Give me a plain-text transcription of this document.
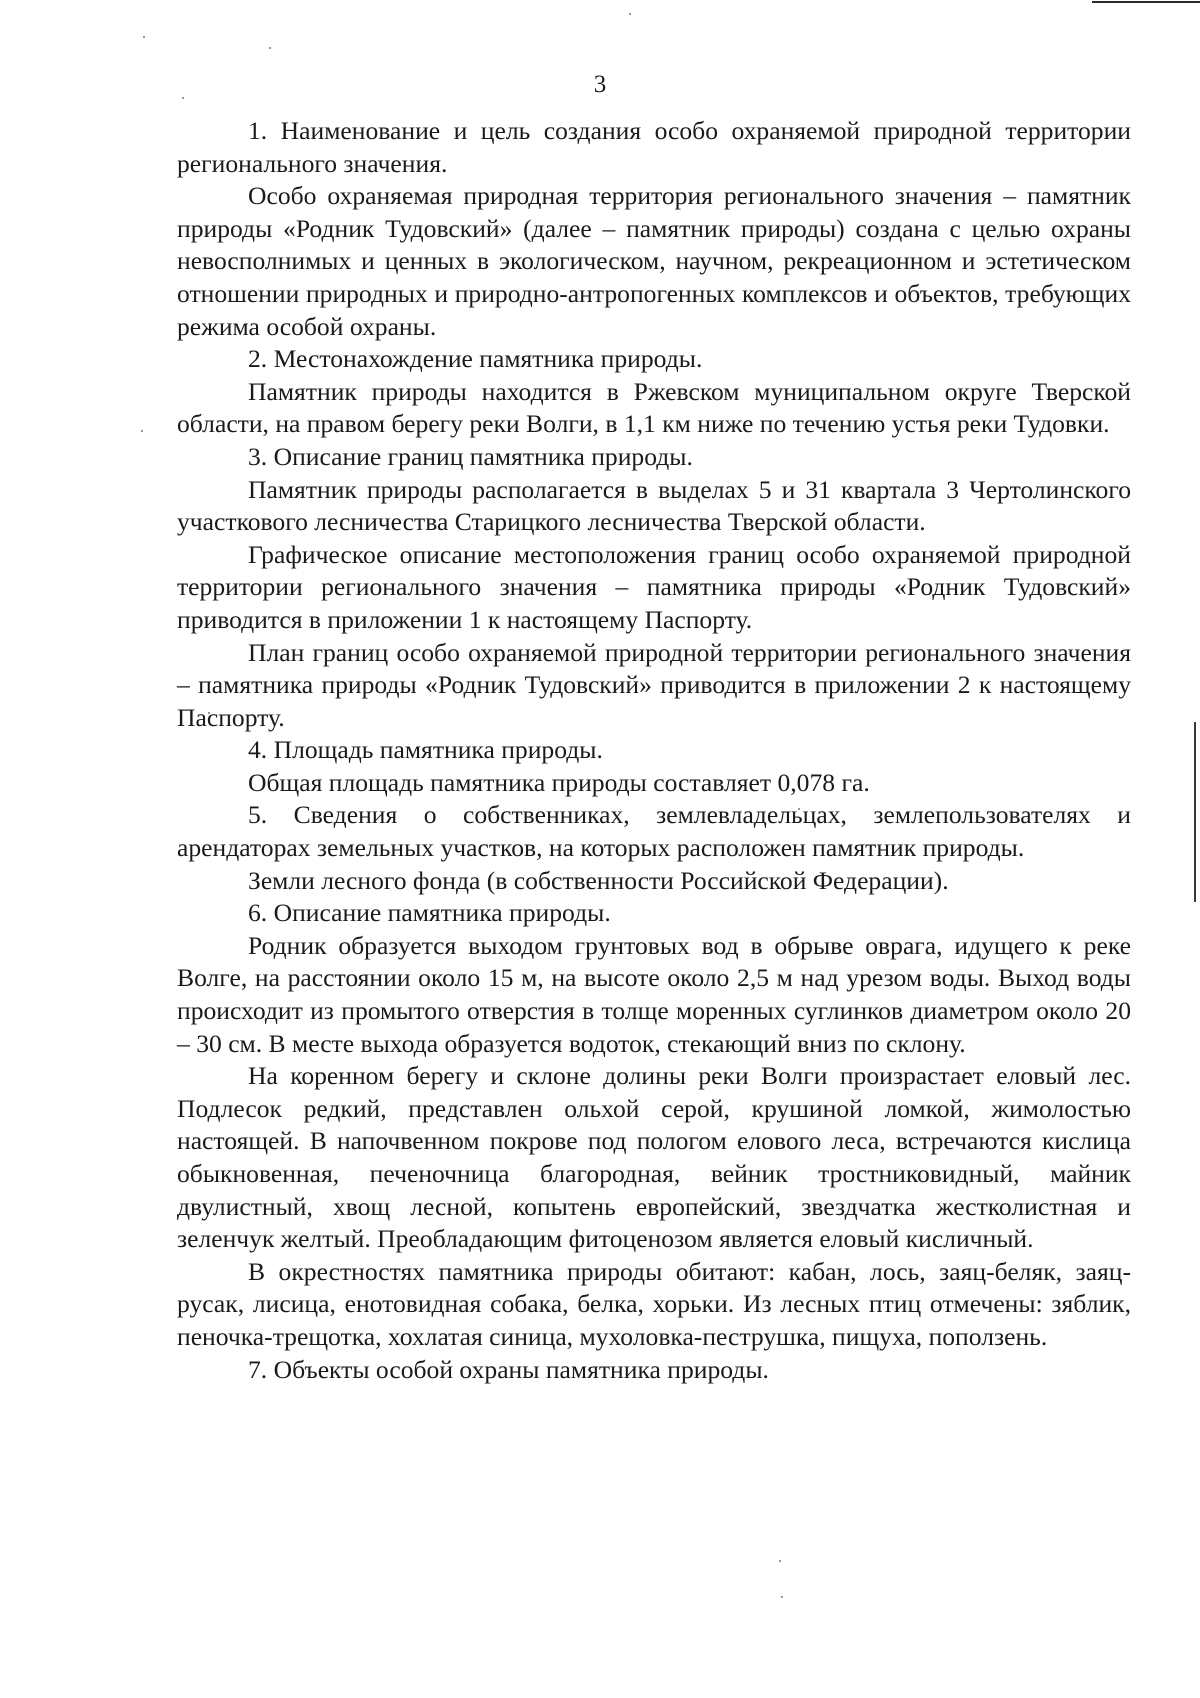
3

1. Наименование и цель создания особо охраняемой природной территории регионального значения.

Особо охраняемая природная территория регионального значения – памятник природы «Родник Тудовский» (далее – памятник природы) создана с целью охраны невосполнимых и ценных в экологическом, научном, рекреационном и эстетическом отношении природных и природно-антропогенных комплексов и объектов, требующих режима особой охраны.

2. Местонахождение памятника природы.

Памятник природы находится в Ржевском муниципальном округе Тверской области, на правом берегу реки Волги, в 1,1 км ниже по течению устья реки Тудовки.

3. Описание границ памятника природы.

Памятник природы располагается в выделах 5 и 31 квартала 3 Чертолинского участкового лесничества Старицкого лесничества Тверской области.

Графическое описание местоположения границ особо охраняемой природной территории регионального значения – памятника природы «Родник Тудовский» приводится в приложении 1 к настоящему Паспорту.

План границ особо охраняемой природной территории регионального значения – памятника природы «Родник Тудовский» приводится в приложении 2 к настоящему Паспорту.

4. Площадь памятника природы.

Общая площадь памятника природы составляет 0,078 га.

5. Сведения о собственниках, землевладельцах, землепользователях и арендаторах земельных участков, на которых расположен памятник природы.

Земли лесного фонда (в собственности Российской Федерации).

6. Описание памятника природы.

Родник образуется выходом грунтовых вод в обрыве оврага, идущего к реке Волге, на расстоянии около 15 м, на высоте около 2,5 м над урезом воды. Выход воды происходит из промытого отверстия в толще моренных суглинков диаметром около 20 – 30 см. В месте выхода образуется водоток, стекающий вниз по склону.

На коренном берегу и склоне долины реки Волги произрастает еловый лес. Подлесок редкий, представлен ольхой серой, крушиной ломкой, жимолостью настоящей. В напочвенном покрове под пологом елового леса, встречаются кислица обыкновенная, печеночница благородная, вейник тростниковидный, майник двулистный, хвощ лесной, копытень европейский, звездчатка жестколистная и зеленчук желтый. Преобладающим фитоценозом является еловый кисличный.

В окрестностях памятника природы обитают: кабан, лось, заяц-беляк, заяц-русак, лисица, енотовидная собака, белка, хорьки. Из лесных птиц отмечены: зяблик, пеночка-трещотка, хохлатая синица, мухоловка-пеструшка, пищуха, поползень.

7. Объекты особой охраны памятника природы.
